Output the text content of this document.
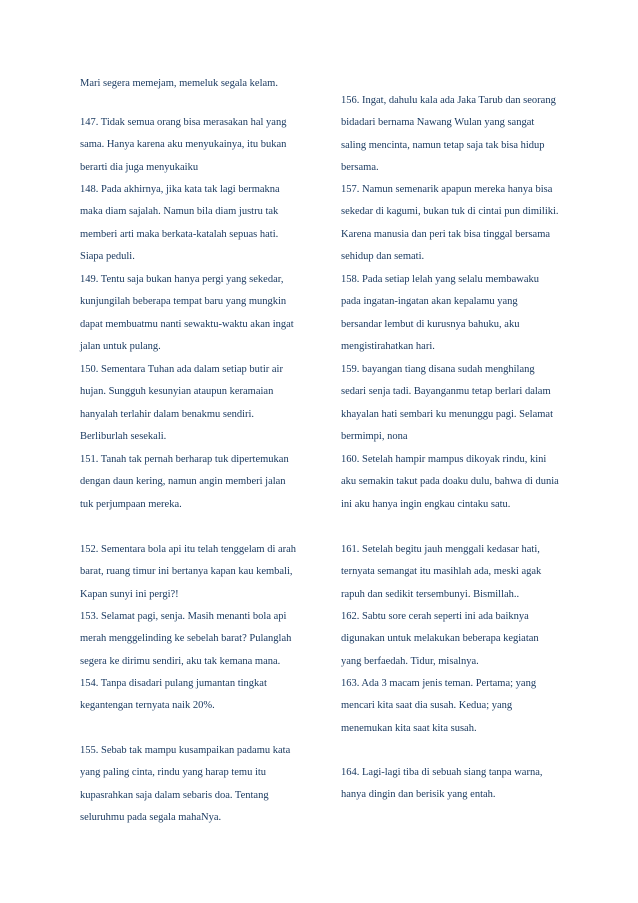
Mari segera memejam, memeluk segala kelam.
147. Tidak semua orang bisa merasakan hal yang
sama. Hanya karena aku menyukainya, itu bukan
berarti dia juga menyukaiku
148. Pada akhirnya, jika kata tak lagi bermakna
maka diam sajalah. Namun bila diam justru tak
memberi arti maka berkata-katalah sepuas hati.
Siapa peduli.
149. Tentu saja bukan hanya pergi yang sekedar,
kunjungilah beberapa tempat baru yang mungkin
dapat membuatmu nanti sewaktu-waktu akan ingat
jalan untuk pulang.
150. Sementara Tuhan ada dalam setiap butir air
hujan. Sungguh kesunyian ataupun keramaian
hanyalah terlahir dalam benakmu sendiri.
Berliburlah sesekali.
151. Tanah tak pernah berharap tuk dipertemukan
dengan daun kering, namun angin memberi jalan
tuk perjumpaan mereka.
152. Sementara bola api itu telah tenggelam di arah
barat, ruang timur ini bertanya kapan kau kembali,
Kapan sunyi ini pergi?!
153. Selamat pagi, senja. Masih menanti bola api
merah menggelinding ke sebelah barat? Pulanglah
segera ke dirimu sendiri, aku tak kemana mana.
154. Tanpa disadari pulang jumantan tingkat
kegantengan ternyata naik 20%.
155. Sebab tak mampu kusampaikan padamu kata
yang paling cinta, rindu yang harap temu itu
kupasrahkan saja dalam sebaris doa. Tentang
seluruhmu pada segala mahaNya.
156. Ingat, dahulu kala ada Jaka Tarub dan seorang
bidadari bernama Nawang Wulan yang sangat
saling mencinta, namun tetap saja tak bisa hidup
bersama.
157. Namun semenarik apapun mereka hanya bisa
sekedar di kagumi, bukan tuk di cintai pun dimiliki.
Karena manusia dan peri tak bisa tinggal bersama
sehidup dan semati.
158. Pada setiap lelah yang selalu membawaku
pada ingatan-ingatan akan kepalamu yang
bersandar lembut di kurusnya bahuku, aku
mengistirahatkan hari.
159. bayangan tiang disana sudah menghilang
sedari senja tadi. Bayanganmu tetap berlari dalam
khayalan hati sembari ku menunggu pagi. Selamat
bermimpi, nona
160. Setelah hampir mampus dikoyak rindu, kini
aku semakin takut pada doaku dulu, bahwa di dunia
ini aku hanya ingin engkau cintaku satu.
161. Setelah begitu jauh menggali kedasar hati,
ternyata semangat itu masihlah ada, meski agak
rapuh dan sedikit tersembunyi. Bismillah..
162. Sabtu sore cerah seperti ini ada baiknya
digunakan untuk melakukan beberapa kegiatan
yang berfaedah. Tidur, misalnya.
163. Ada 3 macam jenis teman. Pertama; yang
mencari kita saat dia susah. Kedua; yang
menemukan kita saat kita susah.
164. Lagi-lagi tiba di sebuah siang tanpa warna,
hanya dingin dan berisik yang entah.
